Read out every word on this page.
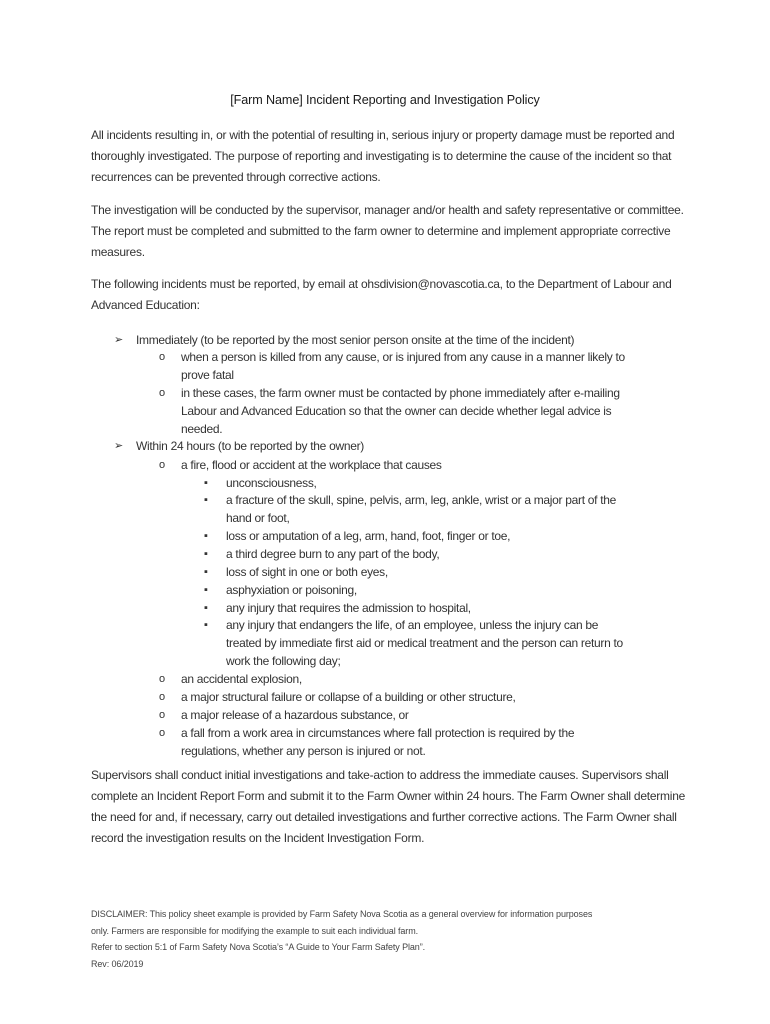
[Farm Name] Incident Reporting and Investigation Policy
All incidents resulting in, or with the potential of resulting in, serious injury or property damage must be reported and thoroughly investigated. The purpose of reporting and investigating is to determine the cause of the incident so that recurrences can be prevented through corrective actions.
The investigation will be conducted by the supervisor, manager and/or health and safety representative or committee. The report must be completed and submitted to the farm owner to determine and implement appropriate corrective measures.
The following incidents must be reported, by email at ohsdivision@novascotia.ca, to the Department of Labour and Advanced Education:
➢ Immediately (to be reported by the most senior person onsite at the time of the incident)
o when a person is killed from any cause, or is injured from any cause in a manner likely to
prove fatal
o in these cases, the farm owner must be contacted by phone immediately after e-mailing
Labour and Advanced Education so that the owner can decide whether legal advice is
needed.
➢ Within 24 hours (to be reported by the owner)
o a fire, flood or accident at the workplace that causes
▪ unconsciousness,
▪ a fracture of the skull, spine, pelvis, arm, leg, ankle, wrist or a major part of the
hand or foot,
▪ loss or amputation of a leg, arm, hand, foot, finger or toe,
▪ a third degree burn to any part of the body,
▪ loss of sight in one or both eyes,
▪ asphyxiation or poisoning,
▪ any injury that requires the admission to hospital,
▪ any injury that endangers the life, of an employee, unless the injury can be
treated by immediate first aid or medical treatment and the person can return to
work the following day;
o an accidental explosion,
o a major structural failure or collapse of a building or other structure,
o a major release of a hazardous substance, or
o a fall from a work area in circumstances where fall protection is required by the
regulations, whether any person is injured or not.
Supervisors shall conduct initial investigations and take-action to address the immediate causes. Supervisors shall complete an Incident Report Form and submit it to the Farm Owner within 24 hours. The Farm Owner shall determine the need for and, if necessary, carry out detailed investigations and further corrective actions. The Farm Owner shall record the investigation results on the Incident Investigation Form.
DISCLAIMER: This policy sheet example is provided by Farm Safety Nova Scotia as a general overview for information purposes
only. Farmers are responsible for modifying the example to suit each individual farm.
Refer to section 5:1 of Farm Safety Nova Scotia’s “A Guide to Your Farm Safety Plan”.
Rev: 06/2019
